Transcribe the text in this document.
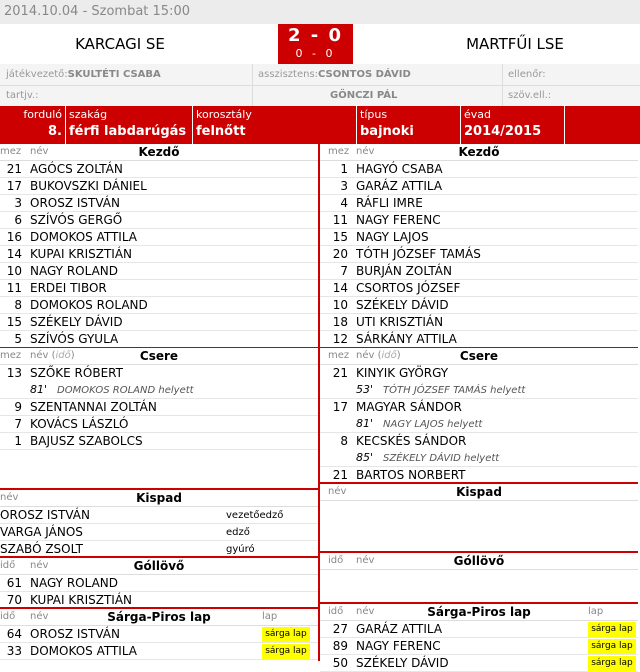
2014.10.04 - Szombat 15:00
KARCAGI SE	2 - 0
0 - 0
MARTFŰI LSE
játékvezető:SKULTÉTI CSABA	asszisztens:CSONTOS DÁVID	ellenőr:
tartjv.:	GÖNCZI PÁL	szöv.ell.:
forduló
8.
szakág
férfi labdarúgás
korosztály
felnőtt
típus
bajnoki
évad
2014/2015
mez név	Kezdő
21 AGÓCS ZOLTÁN
17 BUKOVSZKI DÁNIEL
3 OROSZ ISTVÁN
6 SZÍVÓS GERGŐ
16 DOMOKOS ATTILA
14 KUPAI KRISZTIÁN
10 NAGY ROLAND
11 ERDEI TIBOR
8 DOMOKOS ROLAND
15 SZÉKELY DÁVID
5 SZÍVÓS GYULA
mez név (idő)	Csere
13 SZŐKE RÓBERT
81' DOMOKOS ROLAND helyett
9 SZENTANNAI ZOLTÁN
7 KOVÁCS LÁSZLÓ
1 BAJUSZ SZABOLCS
név	Kispad
OROSZ ISTVÁN	vezetőedző
VARGA JÁNOS	edző
SZABÓ ZSOLT	gyúró
idő név	Góllövő
61 NAGY ROLAND
70 KUPAI KRISZTIÁN
idő név	Sárga-Piros lap	lap
64 OROSZ ISTVÁN	sárga lap
33 DOMOKOS ATTILA	sárga lap
mez név	Kezdő
1 HAGYÓ CSABA
3 GARÁZ ATTILA
4 RÁFLI IMRE
11 NAGY FERENC
15 NAGY LAJOS
20 TÓTH JÓZSEF TAMÁS
7 BURJÁN ZOLTÁN
14 CSORTOS JÓZSEF
10 SZÉKELY DÁVID
18 UTI KRISZTIÁN
12 SÁRKÁNY ATTILA
mez név (idő)	Csere
21 KINYIK GYÖRGY
53' TÓTH JÓZSEF TAMÁS helyett
17 MAGYAR SÁNDOR
81' NAGY LAJOS helyett
8 KECSKÉS SÁNDOR
85' SZÉKELY DÁVID helyett
21 BARTOS NORBERT
név	Kispad
idő név	Góllövő
idő név	Sárga-Piros lap	lap
27 GARÁZ ATTILA	sárga lap
89 NAGY FERENC	sárga lap
50 SZÉKELY DÁVID	sárga lap
